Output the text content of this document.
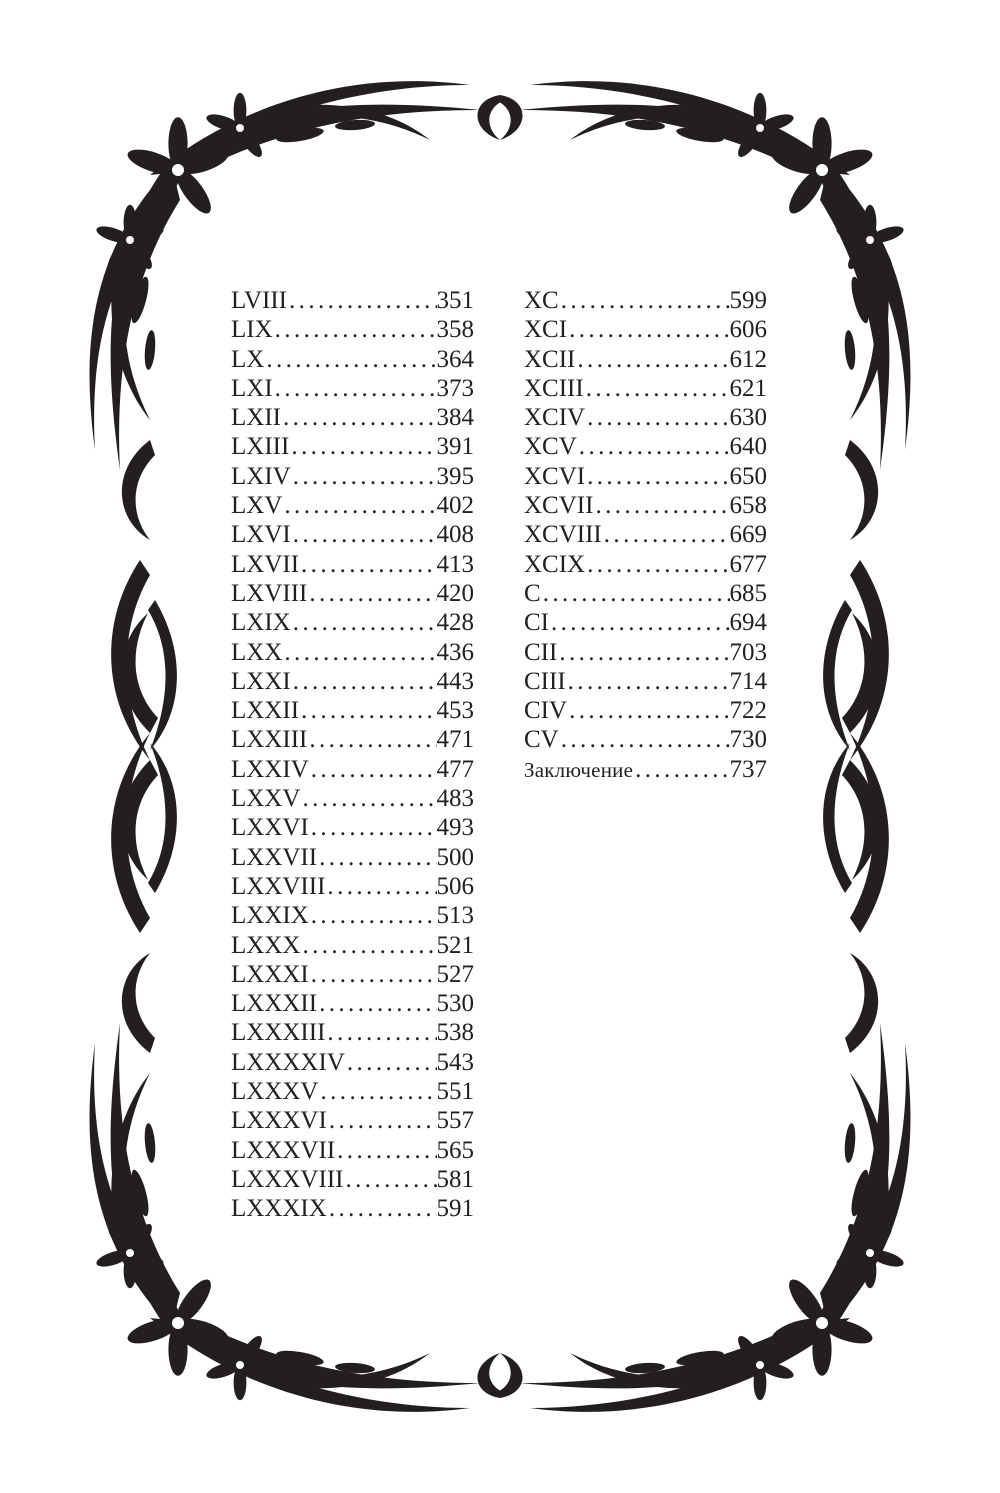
LVIII .....	351
LIX .....	358
LX .....	364
LXI .....	373
LXII .....	384
LXIII .....	391
LXIV .....	395
LXV .....	402
LXVI .....	408
LXVII .....	413
LXVIII .....	420
LXIX .....	428
LXX .....	436
LXXI .....	443
LXXII .....	453
LXXIII .....	471
LXXIV .....	477
LXXV .....	483
LXXVI .....	493
LXXVII .....	500
LXXVIII .....	506
LXXIX .....	513
LXXX .....	521
LXXXI .....	527
LXXXII .....	530
LXXXIII .....	538
LXXXXIV .....	543
LXXXV .....	551
LXXXVI .....	557
LXXXVII .....	565
LXXXVIII .....	581
LXXXIX .....	591
XC .....	599
XCI .....	606
XCII .....	612
XCIII .....	621
XCIV .....	630
XCV .....	640
XCVI .....	650
XCVII .....	658
XCVIII .....	669
XCIX .....	677
C .....	685
CI .....	694
CII .....	703
CIII .....	714
CIV .....	722
CV .....	730
Заключение .....	737
